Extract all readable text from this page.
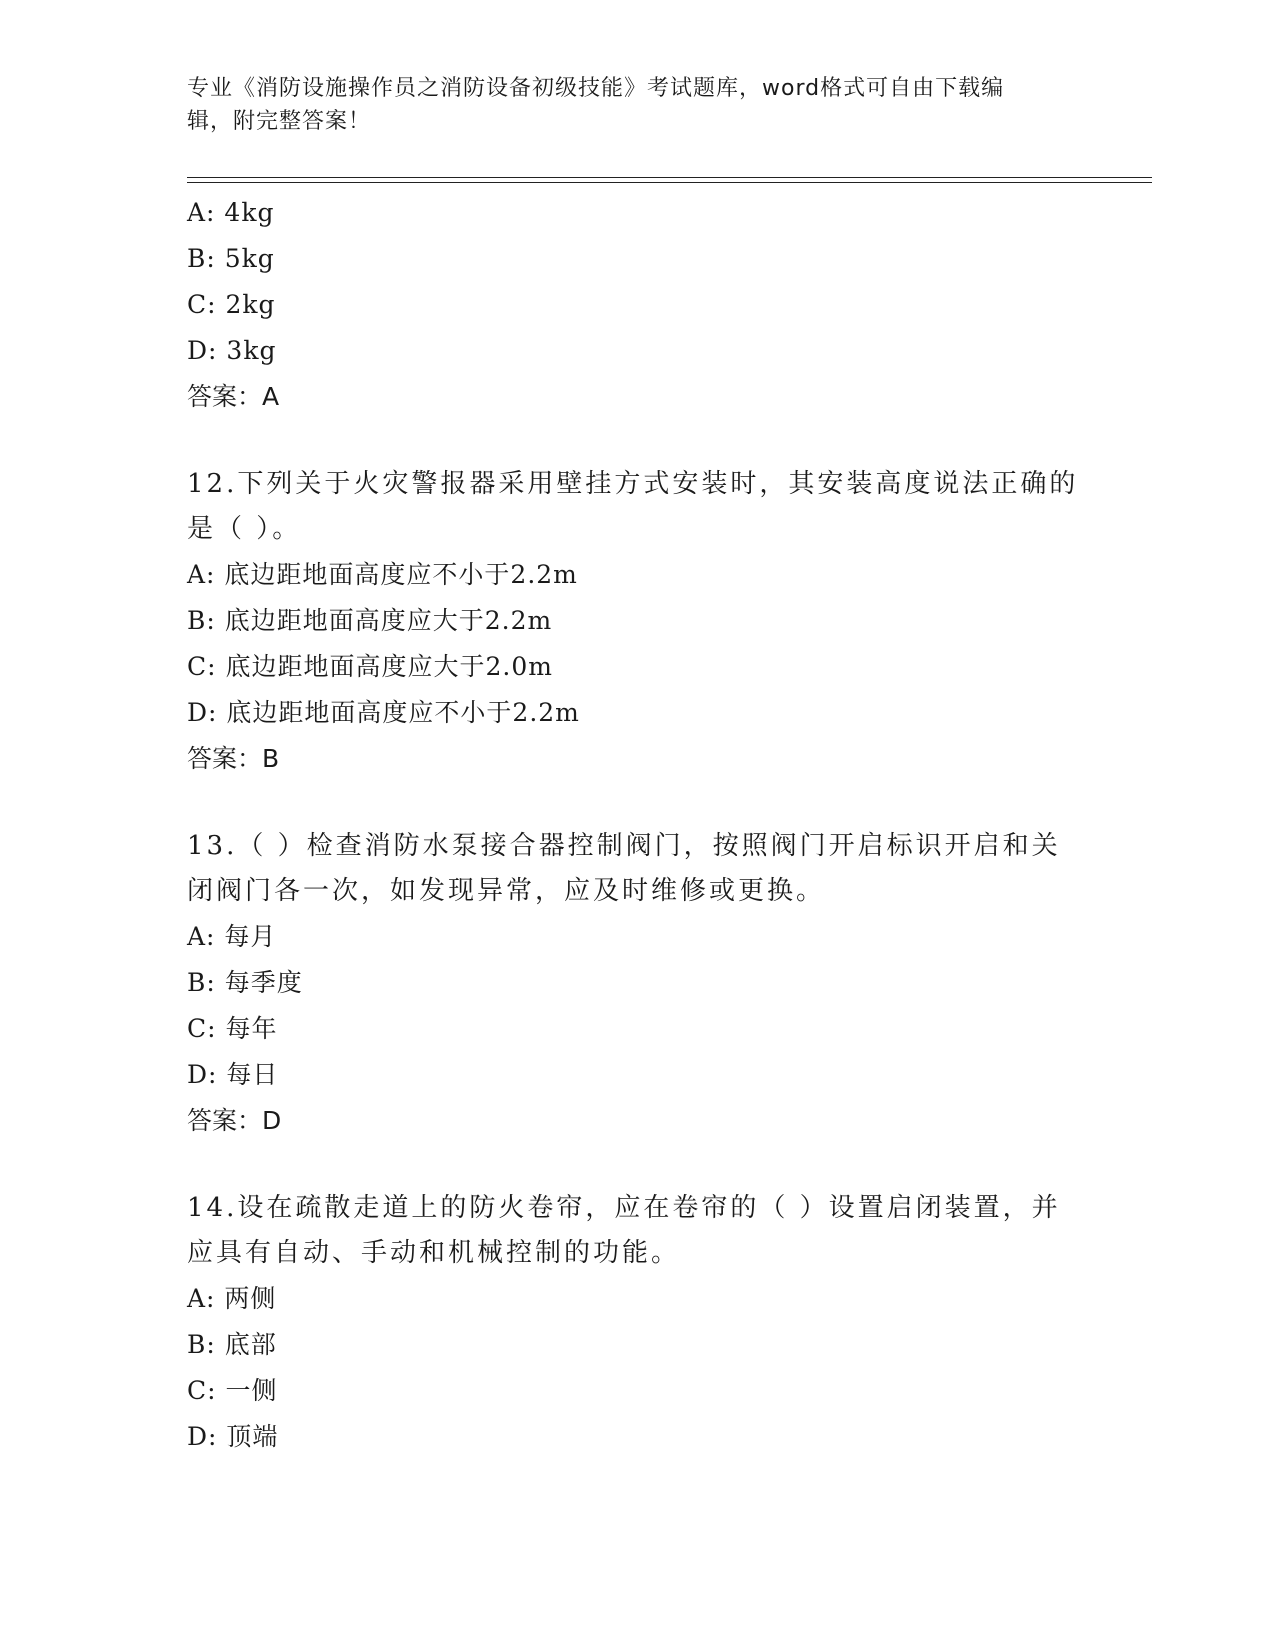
专业《消防设施操作员之消防设备初级技能》考试题库，word格式可自由下载编
辑，附完整答案！
A: 4kg
B: 5kg
C: 2kg
D: 3kg
答案：A
12.下列关于火灾警报器采用壁挂方式安装时，其安装高度说法正确的
是（ ）。
A: 底边距地面高度应不小于2.2m
B: 底边距地面高度应大于2.2m
C: 底边距地面高度应大于2.0m
D: 底边距地面高度应不小于2.2m
答案：B
13.（ ）检查消防水泵接合器控制阀门，按照阀门开启标识开启和关
闭阀门各一次，如发现异常，应及时维修或更换。
A: 每月
B: 每季度
C: 每年
D: 每日
答案：D
14.设在疏散走道上的防火卷帘，应在卷帘的（ ）设置启闭装置，并
应具有自动、手动和机械控制的功能。
A: 两侧
B: 底部
C: 一侧
D: 顶端
